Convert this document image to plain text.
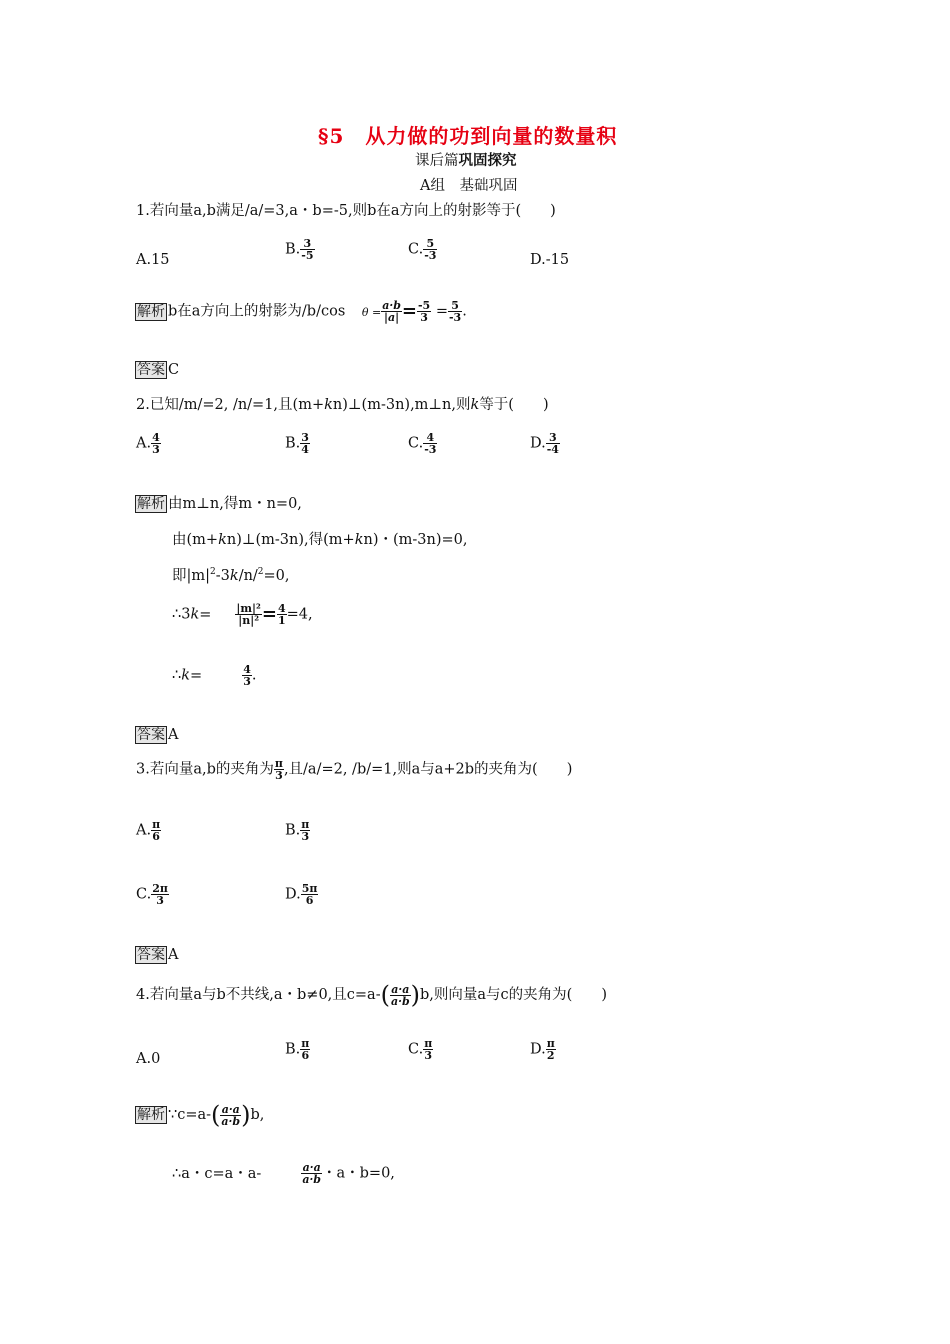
§5　从力做的功到向量的数量积
课后篇巩固探究
A组　基础巩固
1.若向量a,b满足/a/=3,a・b=-5,则b在a方向上的射影等于(　　)
A.15
B. $\frac{3}{-5}$	C. $\frac{5}{-3}$	D.-15
解析 b在a方向上的射影为/b/cos $\theta = \frac{a\cdot b}{|a|} = \frac{-5}{3} = \frac{5}{-3}$ .
答案 C
2.已知/m/=2, /n/=1,且(m+kn)⊥(m-3n),m⊥n,则k等于(　　)
A. $\frac{4}{3}$	B. $\frac{3}{4}$	C. $\frac{4}{-3}$	D. $\frac{3}{-4}$
解析 由m⊥n,得m・n=0,
由(m+kn)⊥(m-3n),得(m+kn)・(m-3n)=0,
即$|m|^2-3k/n/^2=0$,
∴3k= $\frac{\text{|m|²}}{\text{|n|²}} = \frac{4}{1} =4$,
∴k=	$\frac{4}{3}$ .
答案 A
3.若向量a,b的夹角为 $\frac{\pi}{3}$ ,且/a/=2, /b/=1,则a与a+2b的夹角为(　　)
A. $\frac{\pi}{6}$	B. $\frac{\pi}{3}$
C. $\frac{2\pi}{3}$	D. $\frac{5\pi}{6}$
答案 A
4.若向量a与b不共线,a・b≠0,且$c=a-( \frac{a\cdot a}{a\cdot b} )b$,则向量a与c的夹角为(　　)
A.0
B. $\frac{\pi}{6}$	C. $\frac{\pi}{3}$	D. $\frac{\pi}{2}$
解析 ∵c=a-( $\frac{a\cdot a}{a\cdot b} )b$,
∴a・c=a・a-	$\frac{a\cdot a}{a\cdot b}$ ・a・b=0,
